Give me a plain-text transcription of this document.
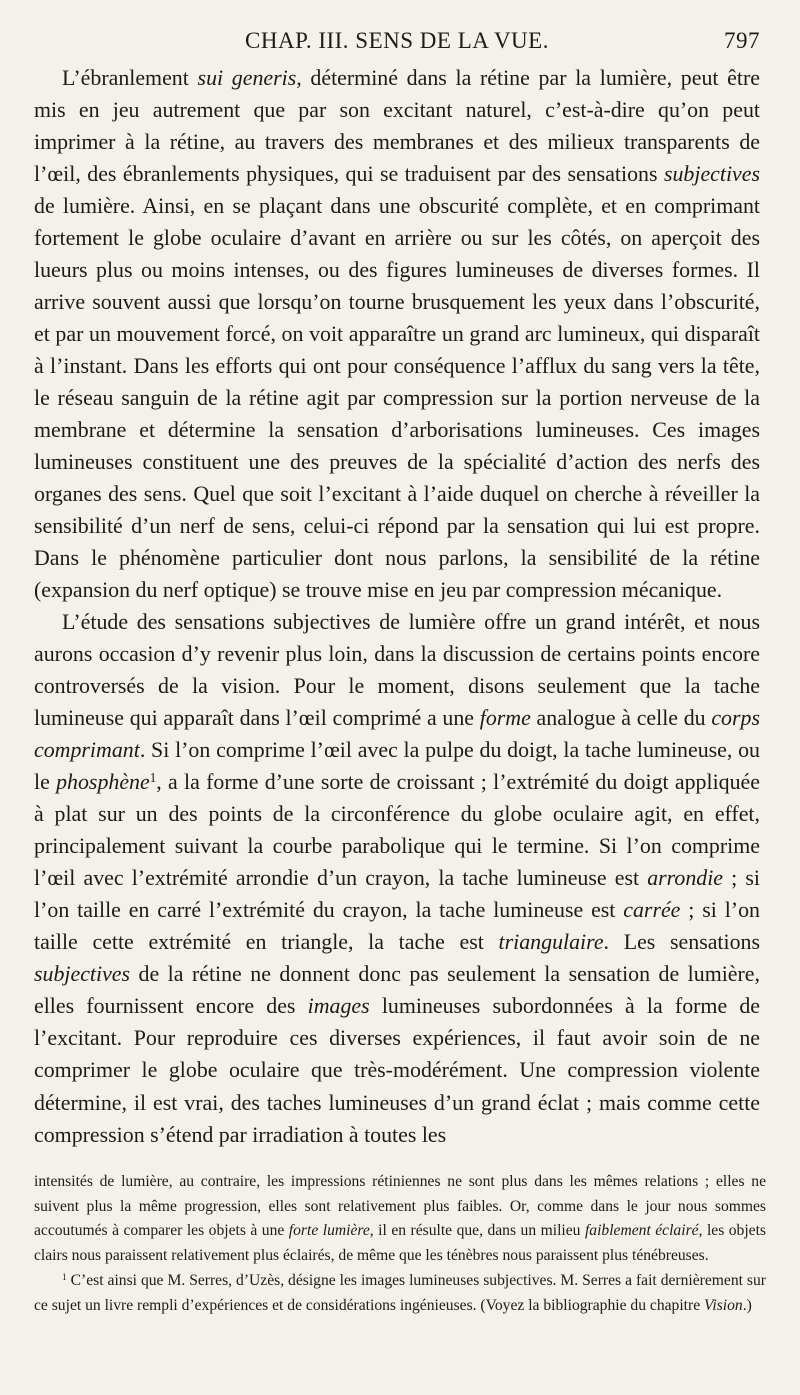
CHAP. III. SENS DE LA VUE.	797

L’ébranlement sui generis, déterminé dans la rétine par la lumière, peut être mis en jeu autrement que par son excitant naturel, c’est-à-dire qu’on peut imprimer à la rétine, au travers des membranes et des milieux transparents de l’œil, des ébranlements physiques, qui se traduisent par des sensations subjectives de lumière. Ainsi, en se plaçant dans une obscurité complète, et en comprimant fortement le globe oculaire d’avant en arrière ou sur les côtés, on aperçoit des lueurs plus ou moins intenses, ou des figures lumineuses de diverses formes. Il arrive souvent aussi que lorsqu’on tourne brusquement les yeux dans l’obscurité, et par un mouvement forcé, on voit apparaître un grand arc lumineux, qui disparaît à l’instant. Dans les efforts qui ont pour conséquence l’afflux du sang vers la tête, le réseau sanguin de la rétine agit par compression sur la portion nerveuse de la membrane et détermine la sensation d’arborisations lumineuses. Ces images lumineuses constituent une des preuves de la spécialité d’action des nerfs des organes des sens. Quel que soit l’excitant à l’aide duquel on cherche à réveiller la sensibilité d’un nerf de sens, celui-ci répond par la sensation qui lui est propre. Dans le phénomène particulier dont nous parlons, la sensibilité de la rétine (expansion du nerf optique) se trouve mise en jeu par compression mécanique.

L’étude des sensations subjectives de lumière offre un grand intérêt, et nous aurons occasion d’y revenir plus loin, dans la discussion de certains points encore controversés de la vision. Pour le moment, disons seulement que la tache lumineuse qui apparaît dans l’œil comprimé a une forme analogue à celle du corps comprimant. Si l’on comprime l’œil avec la pulpe du doigt, la tache lumineuse, ou le phosphène$^1$, a la forme d’une sorte de croissant ; l’extrémité du doigt appliquée à plat sur un des points de la circonférence du globe oculaire agit, en effet, principalement suivant la courbe parabolique qui le termine. Si l’on comprime l’œil avec l’extrémité arrondie d’un crayon, la tache lumineuse est arrondie ; si l’on taille en carré l’extrémité du crayon, la tache lumineuse est carrée ; si l’on taille cette extrémité en triangle, la tache est triangulaire. Les sensations subjectives de la rétine ne donnent donc pas seulement la sensation de lumière, elles fournissent encore des images lumineuses subordonnées à la forme de l’excitant. Pour reproduire ces diverses expériences, il faut avoir soin de ne comprimer le globe oculaire que très-modérément. Une compression violente détermine, il est vrai, des taches lumineuses d’un grand éclat ; mais comme cette compression s’étend par irradiation à toutes les

intensités de lumière, au contraire, les impressions rétiniennes ne sont plus dans les mêmes relations ; elles ne suivent plus la même progression, elles sont relativement plus faibles. Or, comme dans le jour nous sommes accoutumés à comparer les objets à une forte lumière, il en résulte que, dans un milieu faiblement éclairé, les objets clairs nous paraissent relativement plus éclairés, de même que les ténèbres nous paraissent plus ténébreuses.

$^1$ C’est ainsi que M. Serres, d’Uzès, désigne les images lumineuses subjectives. M. Serres a fait dernièrement sur ce sujet un livre rempli d’expériences et de considérations ingénieuses. (Voyez la bibliographie du chapitre Vision.)
